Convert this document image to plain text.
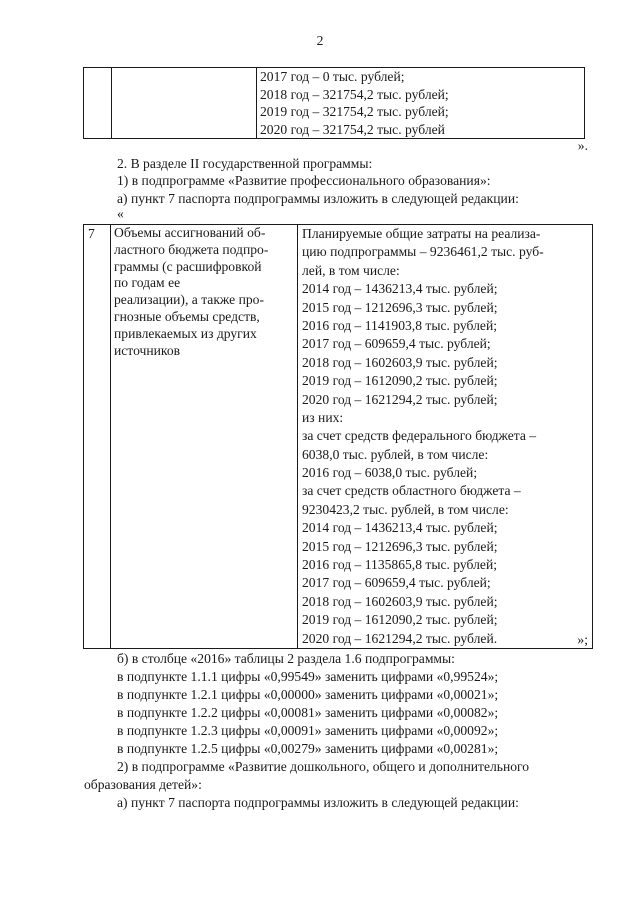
2

2017 год – 0 тыс. рублей;
2018 год – 321754,2 тыс. рублей;
2019 год – 321754,2 тыс. рублей;
2020 год – 321754,2 тыс. рублей
».
2. В разделе II государственной программы:
1) в подпрограмме «Развитие профессионального образования»:
а) пункт 7 паспорта подпрограммы изложить в следующей редакции:
«
7	Объемы ассигнований об-
ластного бюджета подпро-
граммы (с расшифровкой
по годам ее
реализации), а также про-
гнозные объемы средств,
привлекаемых из других
источников

Планируемые общие затраты на реализа-
цию подпрограммы – 9236461,2 тыс. руб-
лей, в том числе:
2014 год – 1436213,4 тыс. рублей;
2015 год – 1212696,3 тыс. рублей;
2016 год – 1141903,8 тыс. рублей;
2017 год – 609659,4 тыс. рублей;
2018 год – 1602603,9 тыс. рублей;
2019 год – 1612090,2 тыс. рублей;
2020 год – 1621294,2 тыс. рублей;
из них:
за счет средств федерального бюджета –
6038,0 тыс. рублей, в том числе:
2016 год – 6038,0 тыс. рублей;
за счет средств областного бюджета –
9230423,2 тыс. рублей, в том числе:
2014 год – 1436213,4 тыс. рублей;
2015 год – 1212696,3 тыс. рублей;
2016 год – 1135865,8 тыс. рублей;
2017 год – 609659,4 тыс. рублей;
2018 год – 1602603,9 тыс. рублей;
2019 год – 1612090,2 тыс. рублей;
2020 год – 1621294,2 тыс. рублей.	»;
б) в столбце «2016» таблицы 2 раздела 1.6 подпрограммы:
в подпункте 1.1.1 цифры «0,99549» заменить цифрами «0,99524»;
в подпункте 1.2.1 цифры «0,00000» заменить цифрами «0,00021»;
в подпункте 1.2.2 цифры «0,00081» заменить цифрами «0,00082»;
в подпункте 1.2.3 цифры «0,00091» заменить цифрами «0,00092»;
в подпункте 1.2.5 цифры «0,00279» заменить цифрами «0,00281»;
2) в подпрограмме «Развитие дошкольного, общего и дополнительного
образования детей»:
а) пункт 7 паспорта подпрограммы изложить в следующей редакции:
